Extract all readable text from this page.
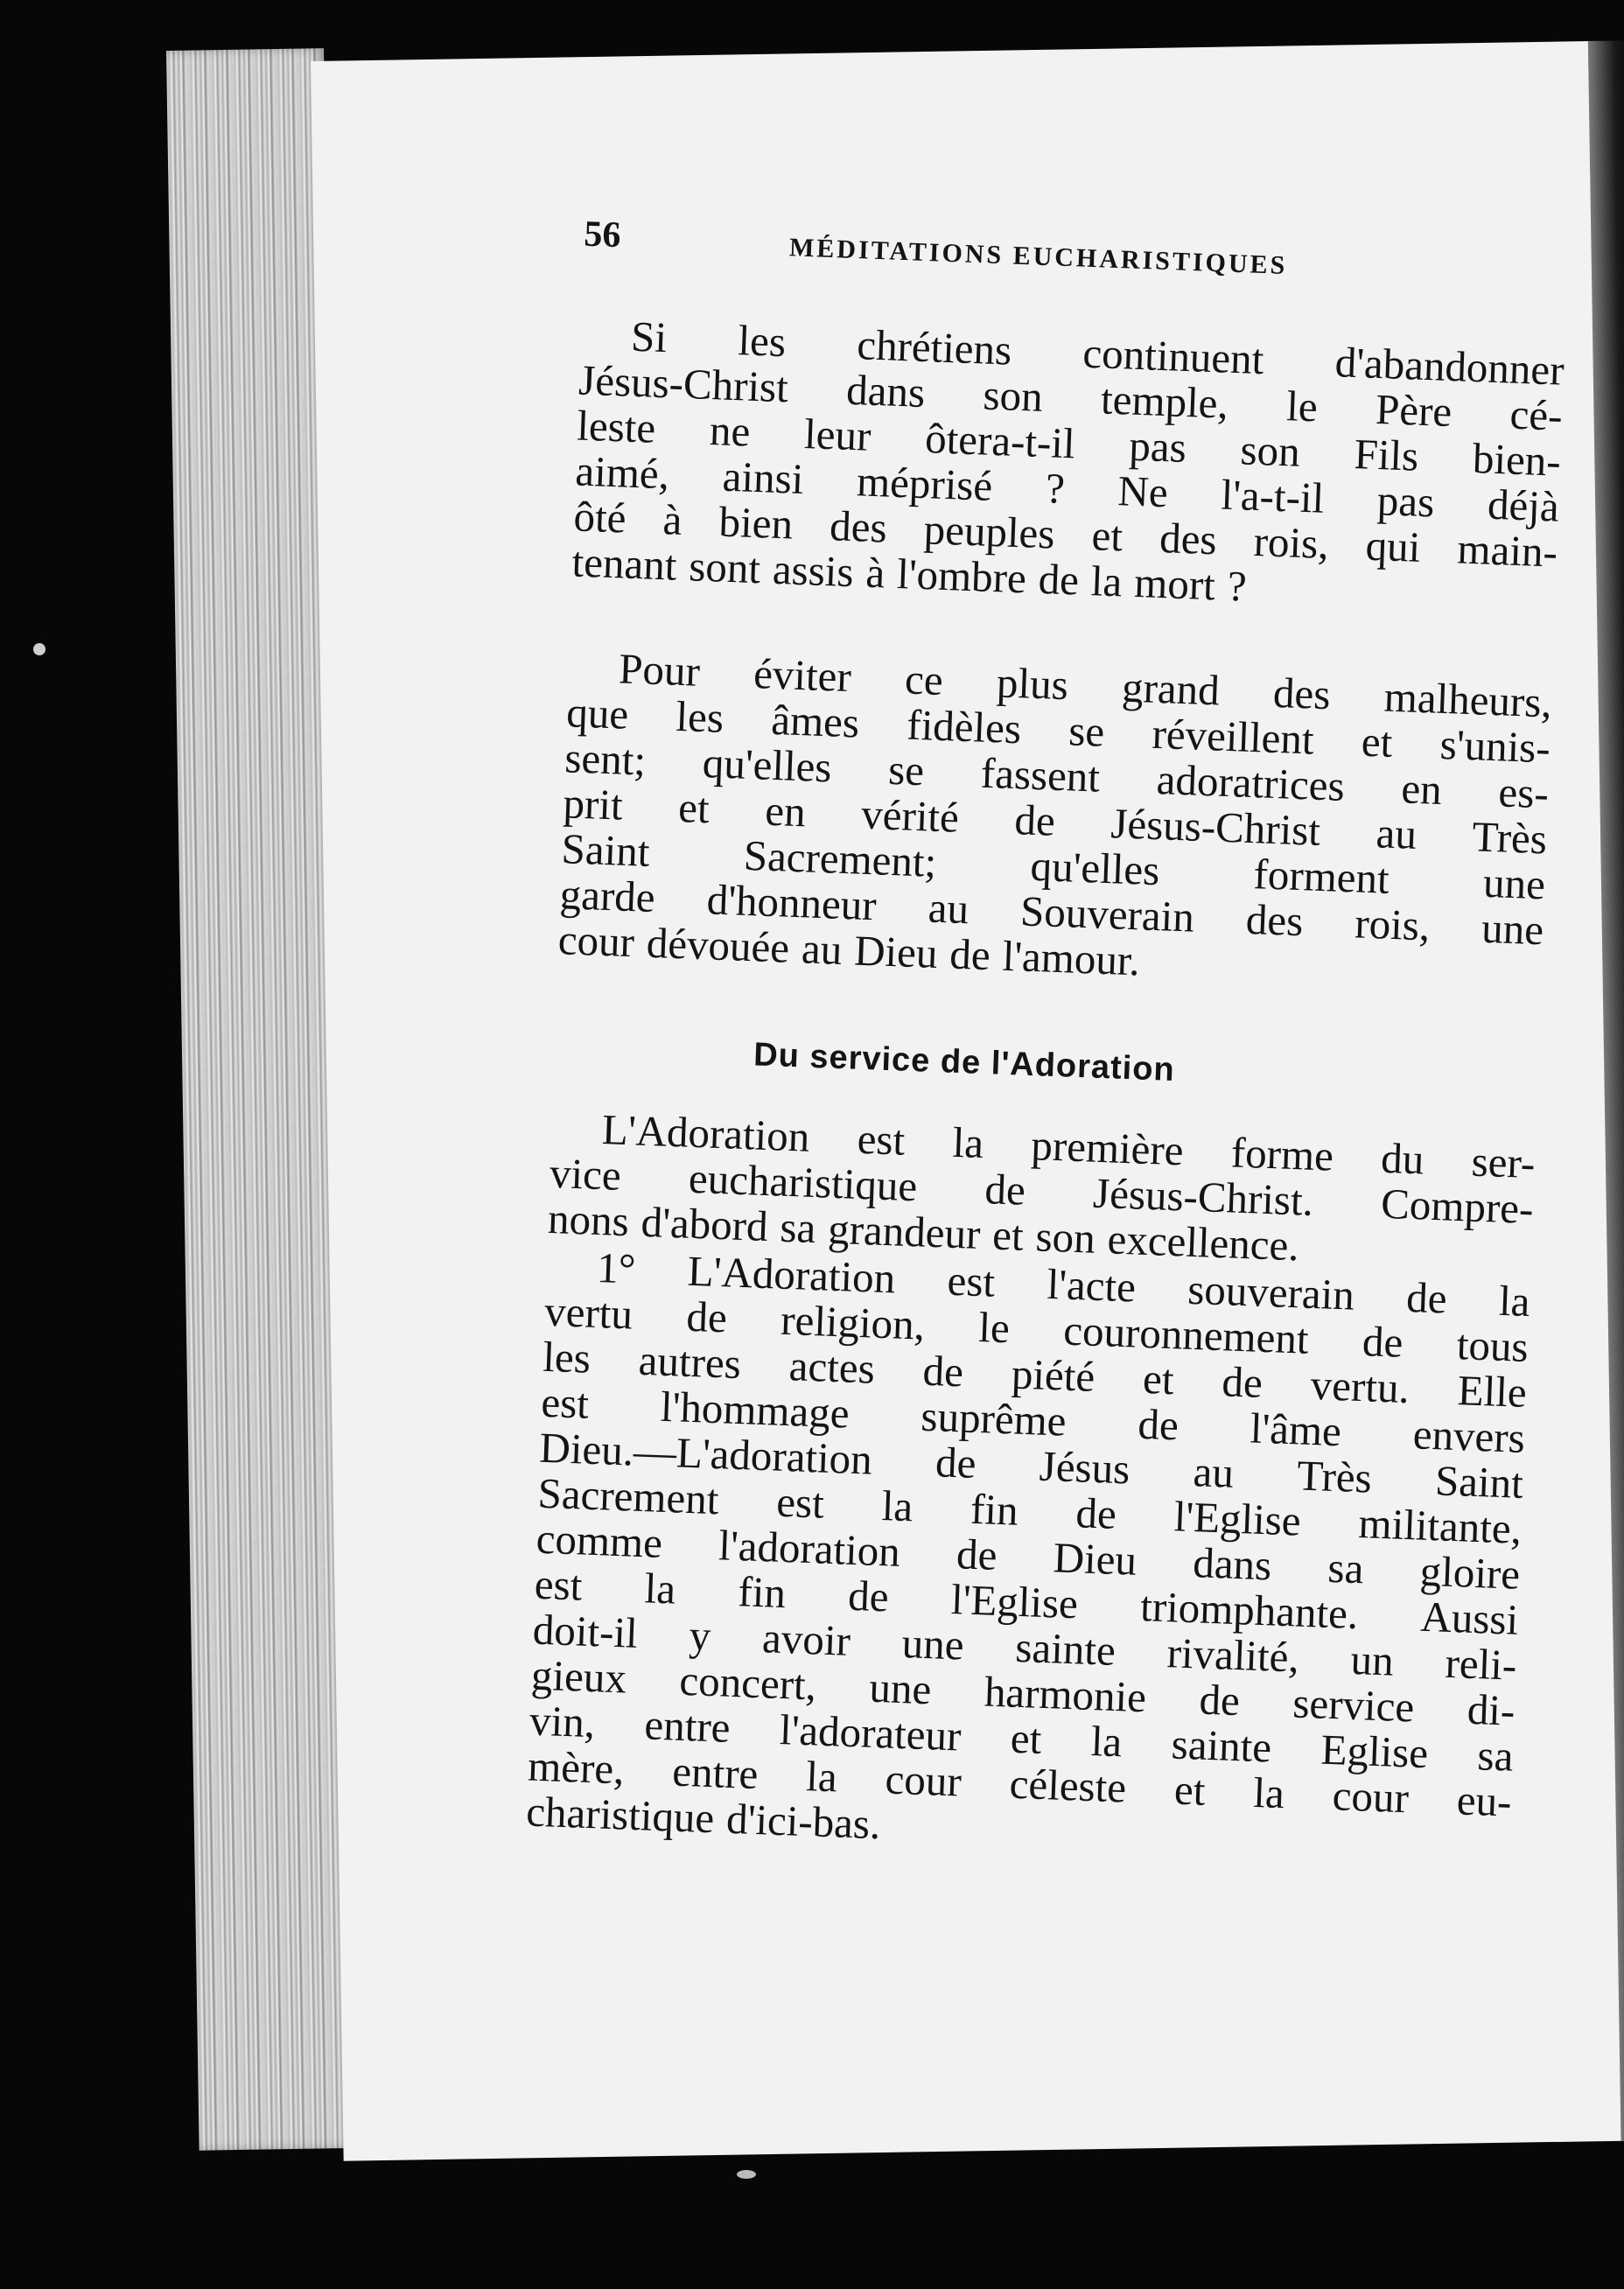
56	MÉDITATIONS EUCHARISTIQUES
Si les chrétiens continuent d'abandonner
Jésus-Christ dans son temple, le Père cé-
leste ne leur ôtera-t-il pas son Fils bien-
aimé, ainsi méprisé ? Ne l'a-t-il pas déjà
ôté à bien des peuples et des rois, qui main-
tenant sont assis à l'ombre de la mort ?
Pour éviter ce plus grand des malheurs,
que les âmes fidèles se réveillent et s'unis-
sent; qu'elles se fassent adoratrices en es-
prit et en vérité de Jésus-Christ au Très
Saint Sacrement; qu'elles forment une
garde d'honneur au Souverain des rois, une
cour dévouée au Dieu de l'amour.
L'Adoration est la première forme du ser-
vice eucharistique de Jésus-Christ. Compre-
nons d'abord sa grandeur et son excellence.
1° L'Adoration est l'acte souverain de la
vertu de religion, le couronnement de tous
les autres actes de piété et de vertu. Elle
est l'hommage suprême de l'âme envers
Dieu.—L'adoration de Jésus au Très Saint
Sacrement est la fin de l'Eglise militante,
comme l'adoration de Dieu dans sa gloire
est la fin de l'Eglise triomphante. Aussi
doit-il y avoir une sainte rivalité, un reli-
gieux concert, une harmonie de service di-
vin, entre l'adorateur et la sainte Eglise sa
mère, entre la cour céleste et la cour eu-
charistique d'ici-bas.
Du service de l'Adoration
